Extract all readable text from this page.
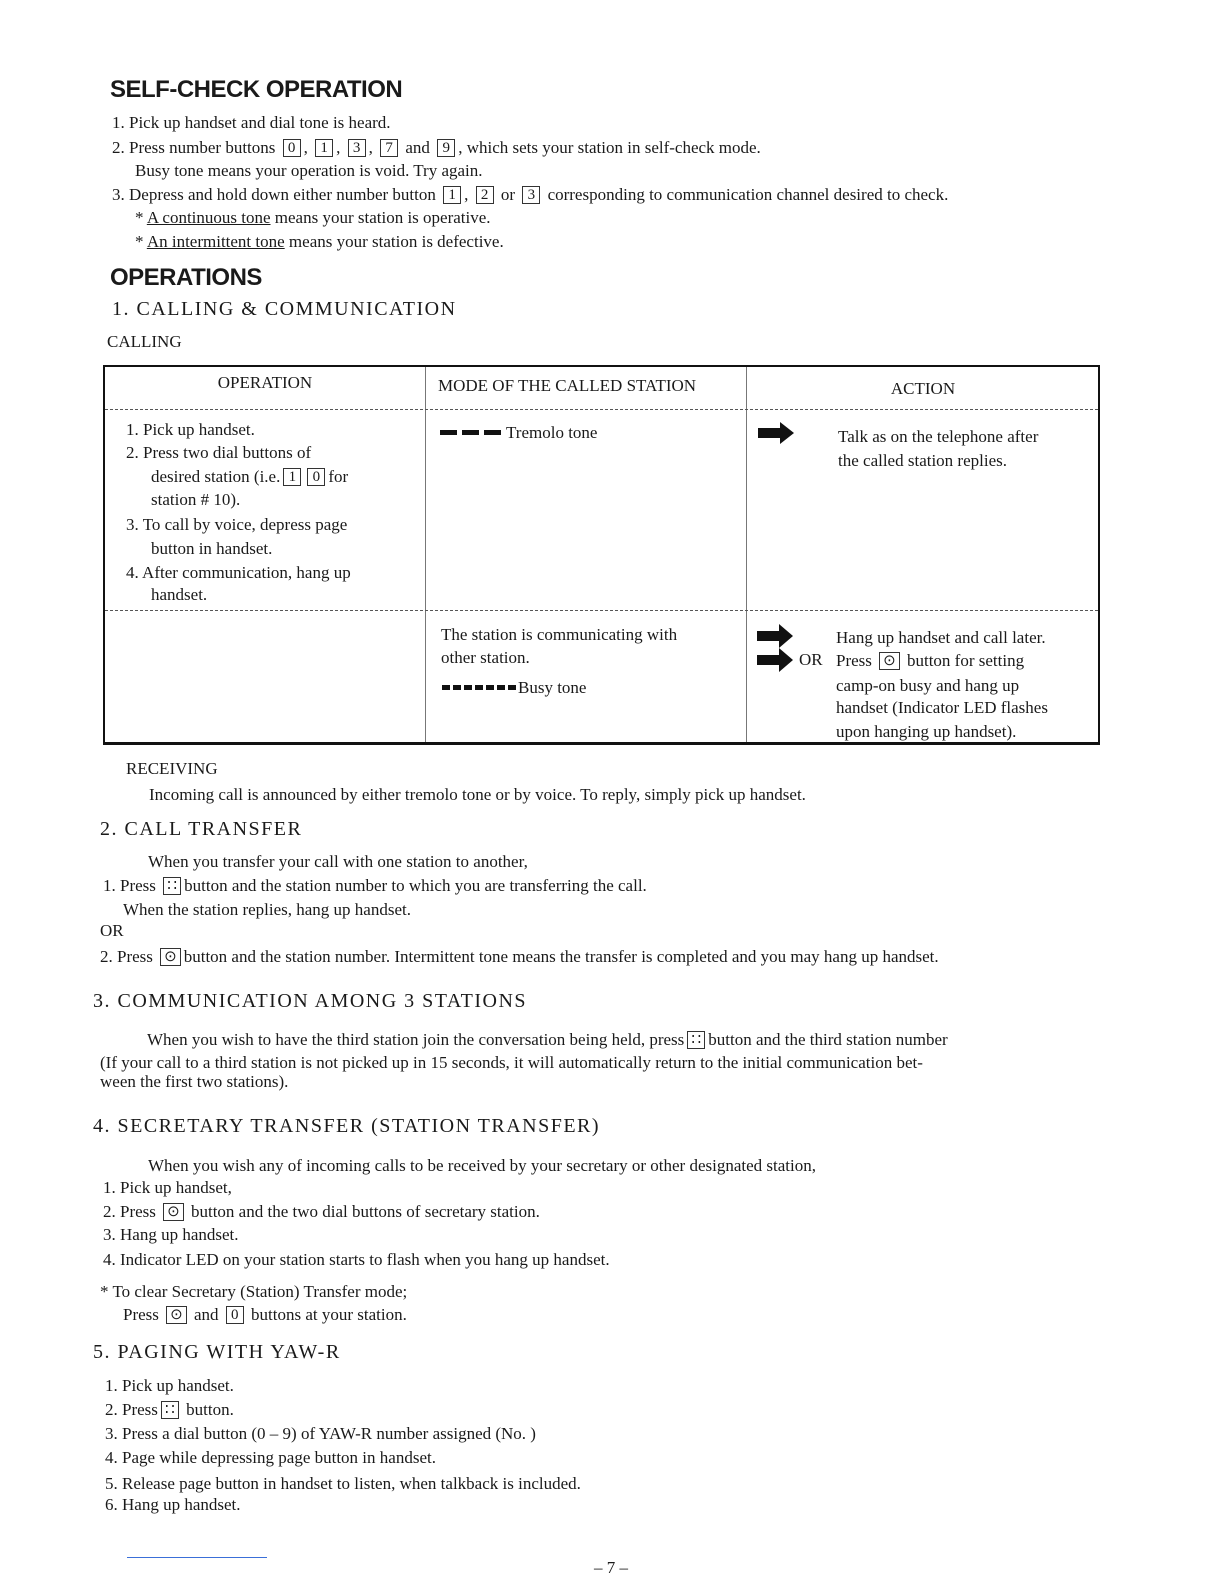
SELF-CHECK OPERATION
1. Pick up handset and dial tone is heard.
2. Press number buttons 0 , 1 , 3 , 7 and 9 , which sets your station in self-check mode.
Busy tone means your operation is void. Try again.
3. Depress and hold down either number button 1 , 2 or 3 corresponding to communication channel desired to check.
* A continuous tone means your station is operative.
* An intermittent tone means your station is defective.
OPERATIONS
1. CALLING & COMMUNICATION
CALLING
OPERATION	MODE OF THE CALLED STATION	ACTION
1. Pick up handset.
2. Press two dial buttons of
desired station (i.e. 1 0 for
station # 10).
3. To call by voice, depress page
button in handset.
4. After communication, hang up
handset.
Tremolo tone
The station is communicating with
other station.
Busy tone
Talk as on the telephone after
the called station replies.
OR
Hang up handset and call later.
Press ⊙ button for setting
camp-on busy and hang up
handset (Indicator LED flashes
upon hanging up handset).
RECEIVING
Incoming call is announced by either tremolo tone or by voice. To reply, simply pick up handset.
2. CALL TRANSFER
When you transfer your call with one station to another,
1. Press ∷ button and the station number to which you are transferring the call.
When the station replies, hang up handset.
OR
2. Press ⊙ button and the station number. Intermittent tone means the transfer is completed and you may hang up handset.
3. COMMUNICATION AMONG 3 STATIONS
When you wish to have the third station join the conversation being held, press ∷ button and the third station number
(If your call to a third station is not picked up in 15 seconds, it will automatically return to the initial communication bet-
ween the first two stations).
4. SECRETARY TRANSFER (STATION TRANSFER)
When you wish any of incoming calls to be received by your secretary or other designated station,
1. Pick up handset,
2. Press ⊙ button and the two dial buttons of secretary station.
3. Hang up handset.
4. Indicator LED on your station starts to flash when you hang up handset.
* To clear Secretary (Station) Transfer mode;
Press ⊙ and 0 buttons at your station.
5. PAGING WITH YAW-R
1. Pick up handset.
2. Press ∷ button.
3. Press a dial button (0 – 9) of YAW-R number assigned (No. )
4. Page while depressing page button in handset.
5. Release page button in handset to listen, when talkback is included.
6. Hang up handset.
– 7 –
